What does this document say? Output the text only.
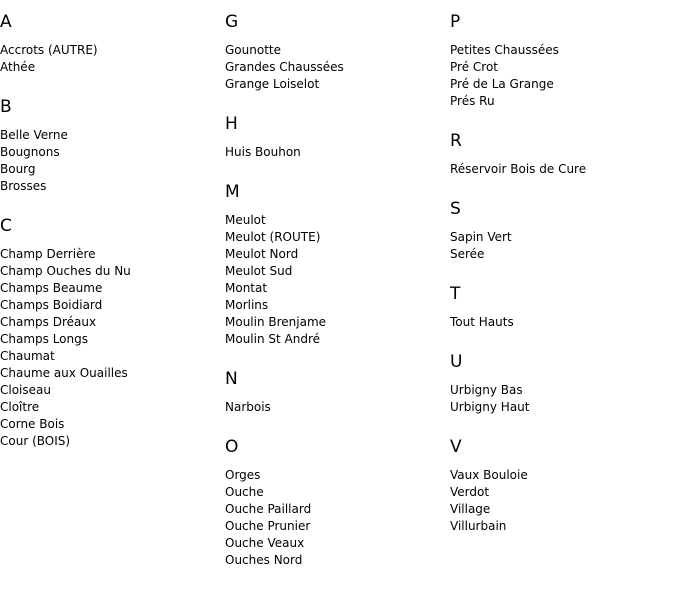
A
Accrots (AUTRE)
Athée
B
Belle Verne
Bougnons
Bourg
Brosses
C
Champ Derrière
Champ Ouches du Nu
Champs Beaume
Champs Boidiard
Champs Dréaux
Champs Longs
Chaumat
Chaume aux Ouailles
Cloiseau
Cloître
Corne Bois
Cour (BOIS)
G
Gounotte
Grandes Chaussées
Grange Loiselot
H
Huis Bouhon
M
Meulot
Meulot (ROUTE)
Meulot Nord
Meulot Sud
Montat
Morlins
Moulin Brenjame
Moulin St André
N
Narbois
O
Orges
Ouche
Ouche Paillard
Ouche Prunier
Ouche Veaux
Ouches Nord
P
Petites Chaussées
Pré Crot
Pré de La Grange
Prés Ru
R
Réservoir Bois de Cure
S
Sapin Vert
Serée
T
Tout Hauts
U
Urbigny Bas
Urbigny Haut
V
Vaux Bouloie
Verdot
Village
Villurbain
